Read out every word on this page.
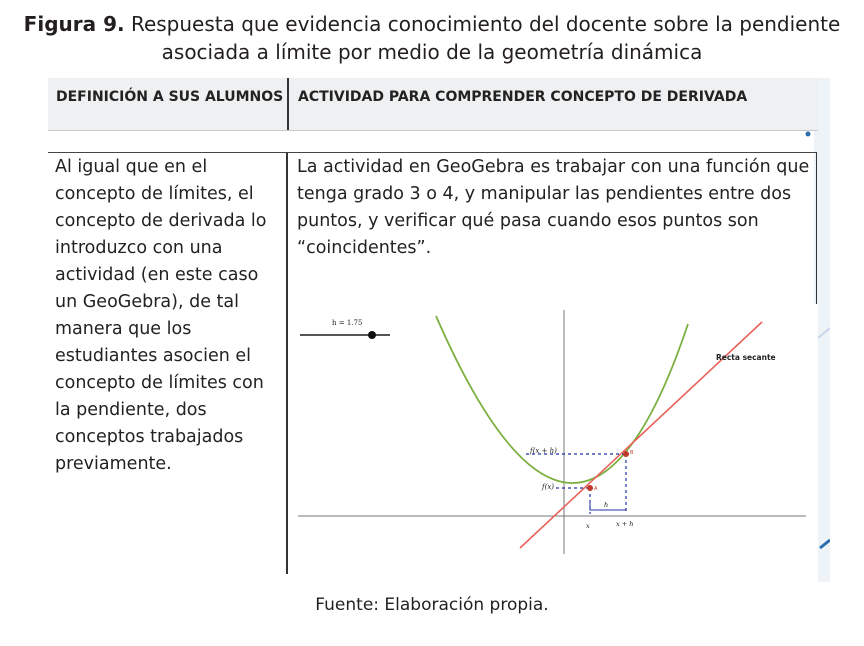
Figura 9. Respuesta que evidencia conocimiento del docente sobre la pendiente
asociada a límite por medio de la geometría dinámica
DEFINICIÓN A SUS ALUMNOS ACTIVIDAD PARA COMPRENDER CONCEPTO DE DERIVADA
Al igual que en el concepto de límites, el concepto de derivada lo introduzco con una actividad (en este caso un GeoGebra), de tal manera que los estudiantes asocien el concepto de límites con la pendiente, dos conceptos trabajados previamente.
La actividad en GeoGebra es trabajar con una función que tenga grado 3 o 4, y manipular las pendientes entre dos puntos, y verificar qué pasa cuando esos puntos son “coincidentes”.
h = 1.75
Recta secante
A
B
f(x + h)
f(x)
h
x	x + h
Fuente: Elaboración propia.
